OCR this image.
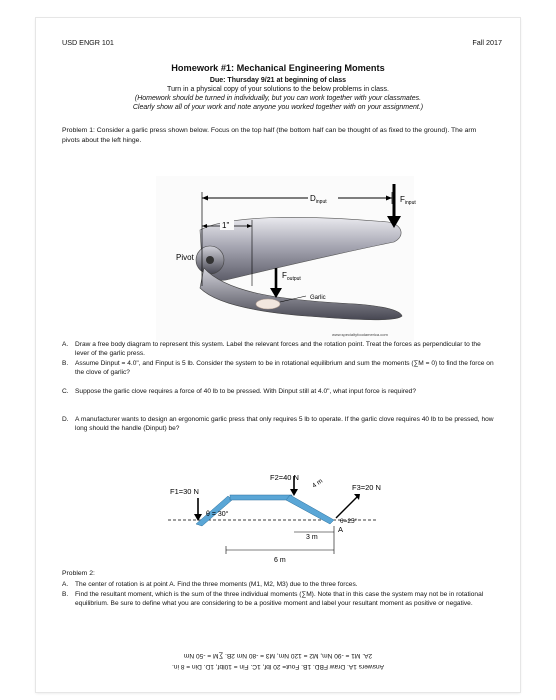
USD ENGR 101	Fall 2017
Homework #1: Mechanical Engineering Moments
Due: Thursday 9/21 at beginning of class
Turn in a physical copy of your solutions to the below problems in class.
(Homework should be turned in individually, but you can work together with your classmates.
Clearly show all of your work and note anyone you worked together with on your assignment.)
Problem 1: Consider a garlic press shown below. Focus on the top half (the bottom half can be thought of as fixed to the ground). The arm pivots about the left hinge.
$D_{input}$
1"
$F_{input}$
Pivot
$F_{output}$
Garlic
www.specialtyfoodamerica.com
A.	Draw a free body diagram to represent this system. Label the relevant forces and the rotation point. Treat the forces as perpendicular to the lever of the garlic press.
B.	Assume Dinput = 4.0", and Finput is 5 lb. Consider the system to be in rotational equilibrium and sum the moments (∑M = 0) to find the force on the clove of garlic?
C. Suppose the garlic clove requires a force of 40 lb to be pressed. With Dinput still at 4.0", what input force is required?
D. A manufacturer wants to design an ergonomic garlic press that only requires 5 lb to operate. If the garlic clove requires 40 lb to be pressed, how long should the handle (Dinput) be?
F1=30 N
F2=40 N
F3=20 N
θ = 30°
θ=25°
4 m
3 m
6 m
A
Problem 2:
A.	The center of rotation is at point A. Find the three moments (M1, M2, M3) due to the three forces.
B.	Find the resultant moment, which is the sum of the three individual moments (∑M). Note that in this case the system may not be in rotational equilibrium. Be sure to define what you are considering to be a positive moment and label your resultant moment as positive or negative.
Answers 1A. Draw FBD. 1B. Fout= 20 lbf, 1C. Fin = 10lbf, 1D. Din = 8 in.
2A. M1 = -90 Nm, M2 = 120 Nm, M3 = -80 Nm 2B. ∑M = -50 Nm
